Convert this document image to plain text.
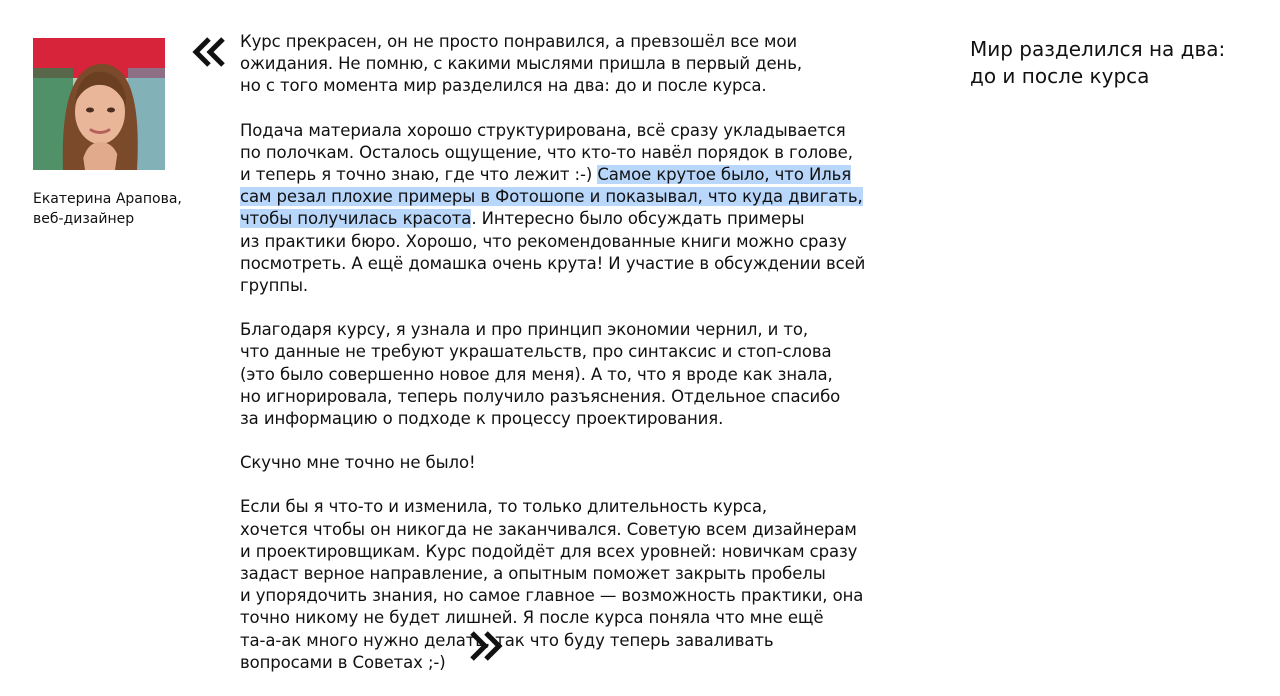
Екатерина Арапова,
веб-дизайнер

Курс прекрасен, он не просто понравился, а превзошёл все мои
ожидания. Не помню, с какими мыслями пришла в первый день,
но с того момента мир разделился на два: до и после курса.

Подача материала хорошо структурирована, всё сразу укладывается
по полочкам. Осталось ощущение, что кто-то навёл порядок в голове,
и теперь я точно знаю, где что лежит :-) Самое крутое было, что Илья
сам резал плохие примеры в Фотошопе и показывал, что куда двигать,
чтобы получилась красота. Интересно было обсуждать примеры
из практики бюро. Хорошо, что рекомендованные книги можно сразу
посмотреть. А ещё домашка очень крута! И участие в обсуждении всей
группы.

Благодаря курсу, я узнала и про принцип экономии чернил, и то,
что данные не требуют украшательств, про синтаксис и стоп-слова
(это было совершенно новое для меня). А то, что я вроде как знала,
но игнорировала, теперь получило разъяснения. Отдельное спасибо
за информацию о подходе к процессу проектирования.

Скучно мне точно не было!

Если бы я что-то и изменила, то только длительность курса,
хочется чтобы он никогда не заканчивался. Советую всем дизайнерам
и проектировщикам. Курс подойдёт для всех уровней: новичкам сразу
задаст верное направление, а опытным поможет закрыть пробелы
и упорядочить знания, но самое главное — возможность практики, она
точно никому не будет лишней. Я после курса поняла что мне ещё
та-а-ак много нужно делать, так что буду теперь заваливать
вопросами в Советах ;-)

Мир разделился на два:
до и после курса
